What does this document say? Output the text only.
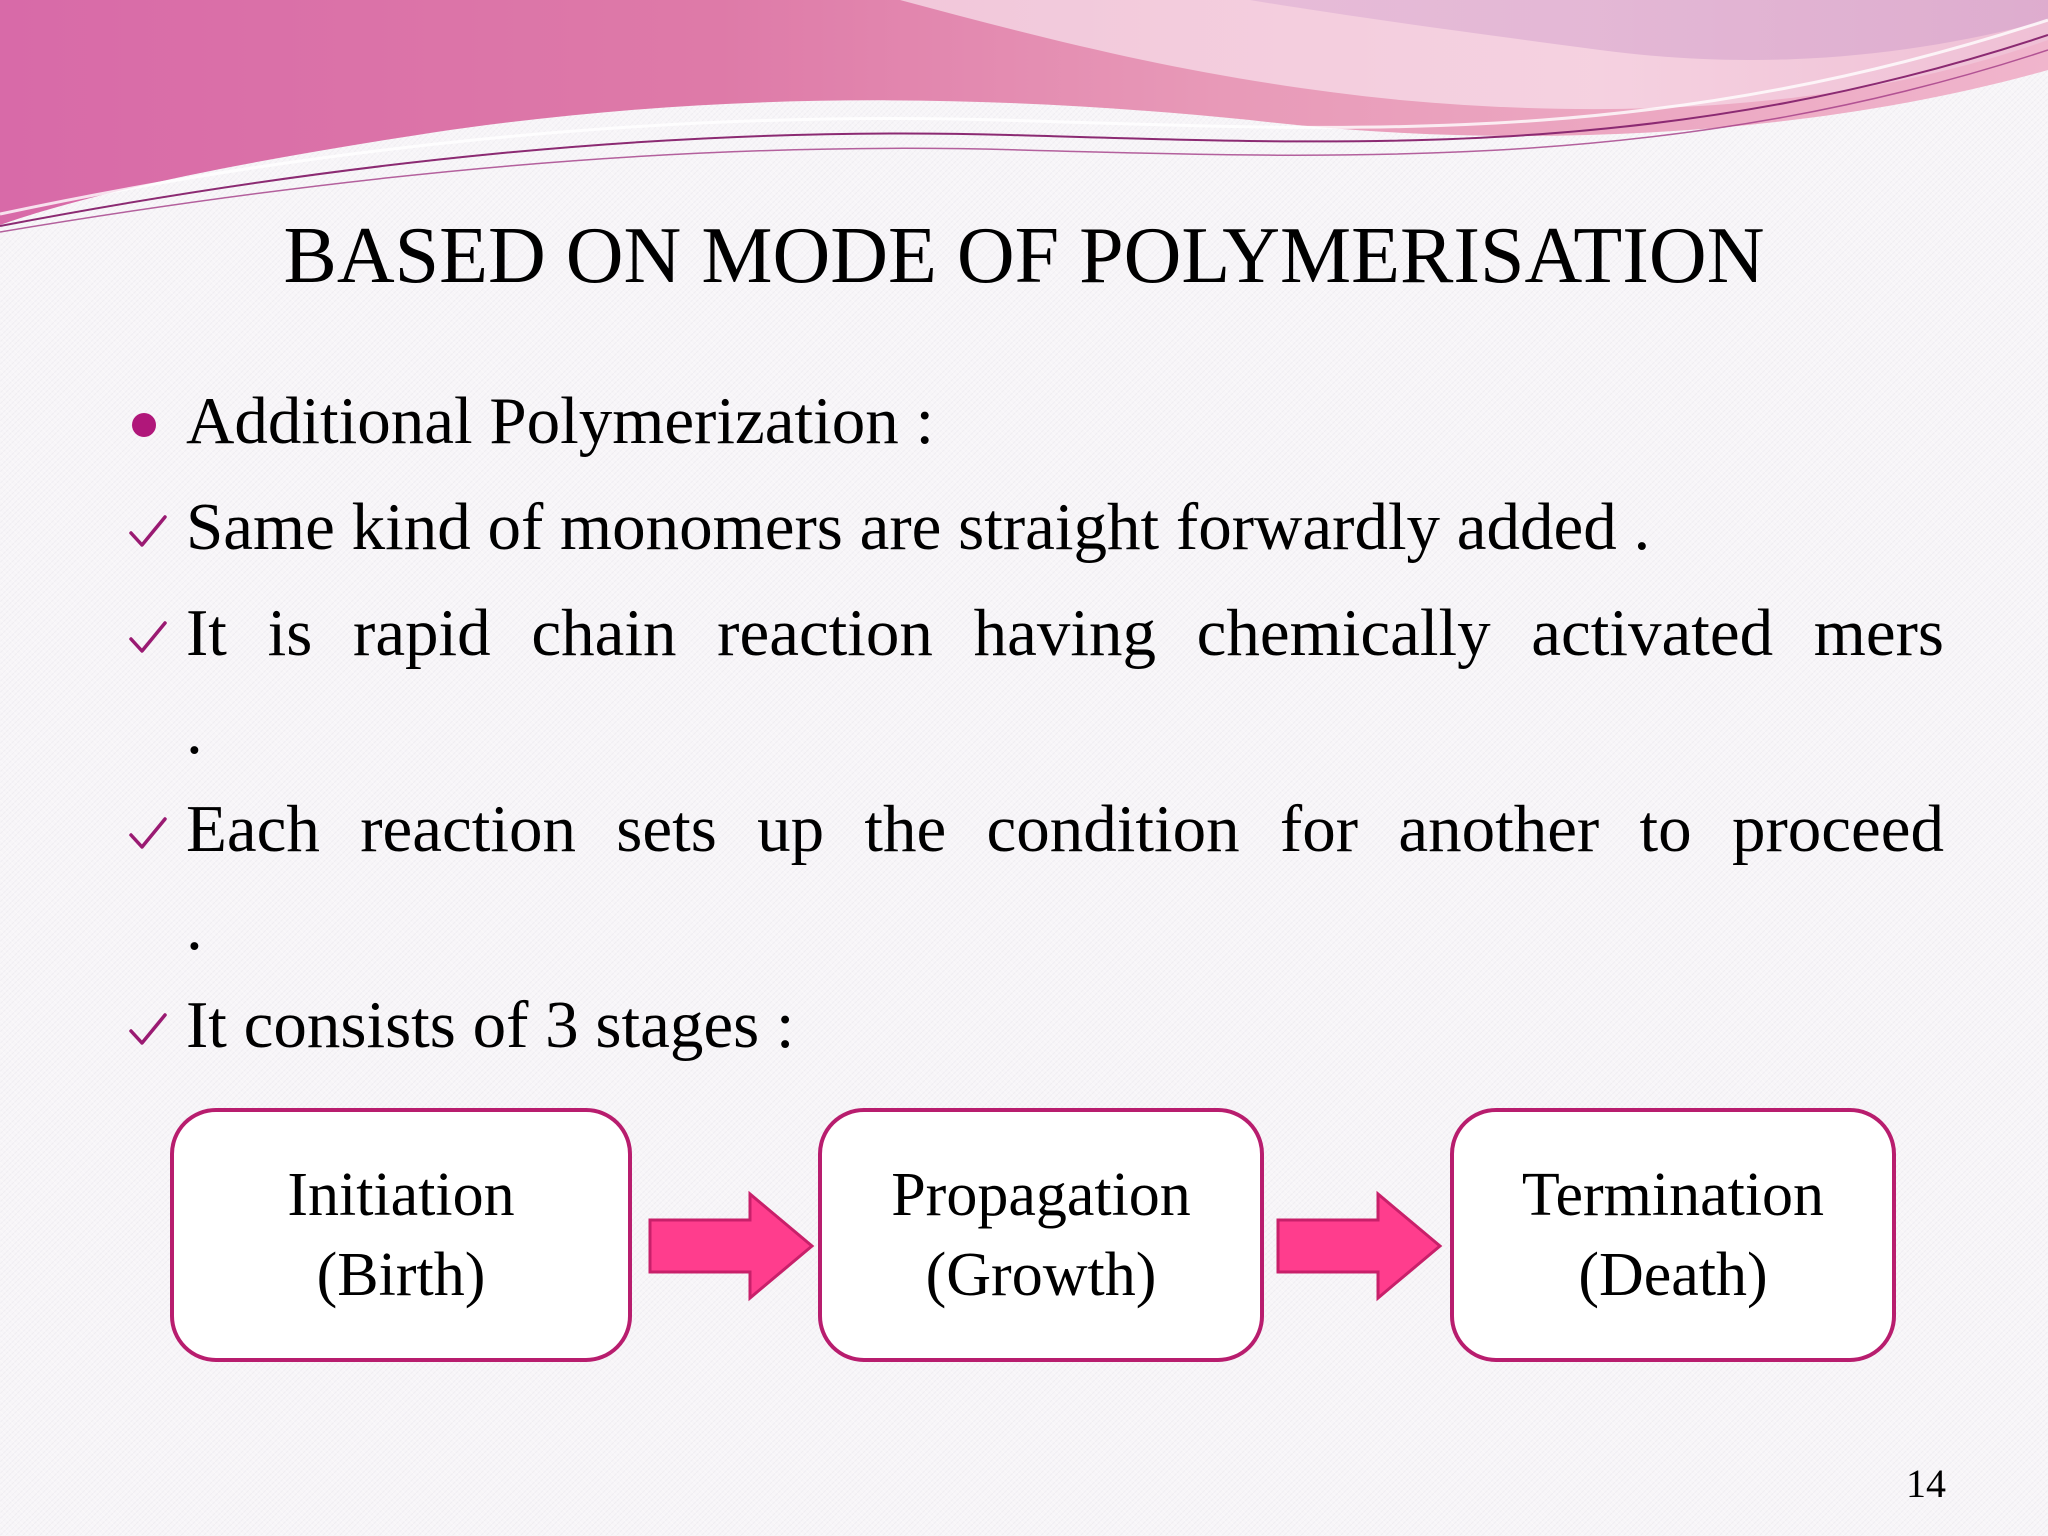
BASED ON MODE OF POLYMERISATION
Additional Polymerization :
Same kind of monomers are straight forwardly added .
It is rapid chain reaction having chemically activated mers
.
Each reaction sets up the condition for another to proceed
.
It consists of 3 stages :
Initiation
(Birth)
Propagation
(Growth)
Termination
(Death)
14
